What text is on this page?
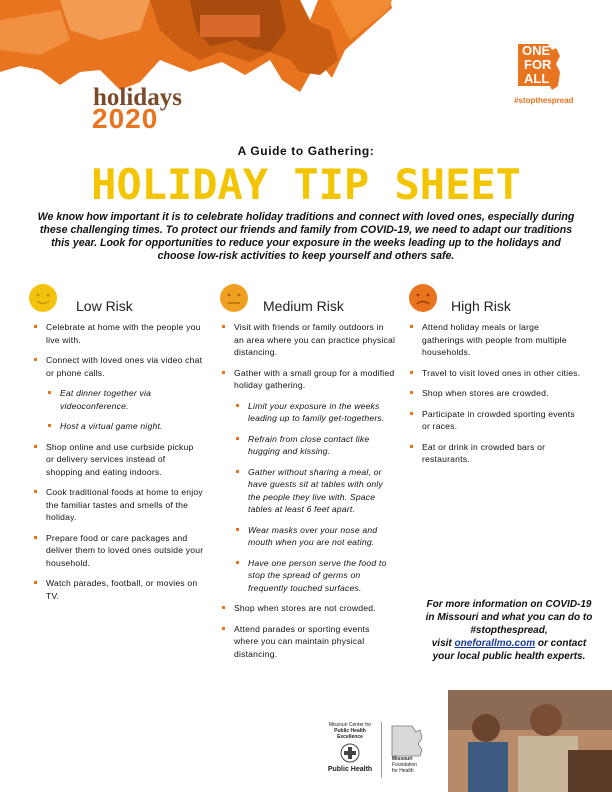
holidays
2020
ONE
FOR
ALL
#stopthespread
A Guide to Gathering:
HOLIDAY TIP SHEET
We know how important it is to celebrate holiday traditions and connect with loved ones, especially during these challenging times. To protect our friends and family from COVID-19, we need to adapt our traditions this year. Look for opportunities to reduce your exposure in the weeks leading up to the holidays and choose low-risk activities to keep yourself and others safe.
Low Risk
Celebrate at home with the people you live with.
Connect with loved ones via video chat or phone calls.
Eat dinner together via videoconference.
Host a virtual game night.
Shop online and use curbside pickup or delivery services instead of shopping and eating indoors.
Cook traditional foods at home to enjoy the familiar tastes and smells of the holiday.
Prepare food or care packages and deliver them to loved ones outside your household.
Watch parades, football, or movies on TV.
Medium Risk
Visit with friends or family outdoors in an area where you can practice physical distancing.
Gather with a small group for a modified holiday gathering.
Limit your exposure in the weeks leading up to family get-togethers.
Refrain from close contact like hugging and kissing.
Gather without sharing a meal, or have guests sit at tables with only the people they live with. Space tables at least 6 feet apart.
Wear masks over your nose and mouth when you are not eating.
Have one person serve the food to stop the spread of germs on frequently touched surfaces.
Shop when stores are not crowded.
Attend parades or sporting events where you can maintain physical distancing.
High Risk
Attend holiday meals or large gatherings with people from multiple households.
Travel to visit loved ones in other cities.
Shop when stores are crowded.
Participate in crowded sporting events or races.
Eat or drink in crowded bars or restaurants.
For more information on COVID-19 in Missouri and what you can do to #stopthespread,
visit oneforallmo.com or contact your local public health experts.
Missouri Center for
Public Health Excellence
Public Health
Missouri
Foundation
for Health
